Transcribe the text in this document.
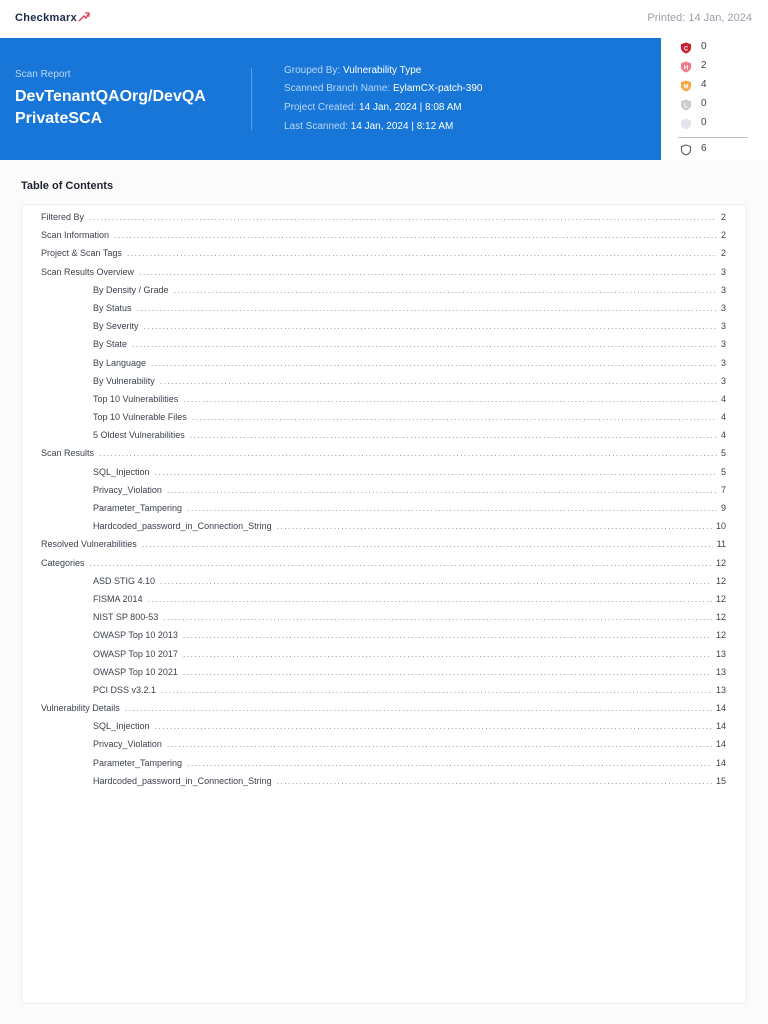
Checkmarx	Printed: 14 Jan, 2024
Scan Report
DevTenantQAOrg/DevQA PrivateSCA
Grouped By: Vulnerability Type
Scanned Branch Name: EylamCX-patch-390
Project Created: 14 Jan, 2024 | 8:08 AM
Last Scanned: 14 Jan, 2024 | 8:12 AM
C 0
H 2
M 4
L 0
0
6
Table of Contents
Filtered By .....	2
Scan Information .....	2
Project & Scan Tags .....	2
Scan Results Overview .....	3
By Density / Grade .....	3
By Status .....	3
By Severity .....	3
By State .....	3
By Language .....	3
By Vulnerability .....	3
Top 10 Vulnerabilities .....	4
Top 10 Vulnerable Files .....	4
5 Oldest Vulnerabilities .....	4
Scan Results .....	5
SQL_Injection .....	5
Privacy_Violation .....	7
Parameter_Tampering .....	9
Hardcoded_password_in_Connection_String .....	10
Resolved Vulnerabilities .....	11
Categories .....	12
ASD STIG 4.10 .....	12
FISMA 2014 .....	12
NIST SP 800-53 .....	12
OWASP Top 10 2013 .....	12
OWASP Top 10 2017 .....	13
OWASP Top 10 2021 .....	13
PCI DSS v3.2.1 .....	13
Vulnerability Details .....	14
SQL_Injection .....	14
Privacy_Violation .....	14
Parameter_Tampering .....	14
Hardcoded_password_in_Connection_String .....	15
